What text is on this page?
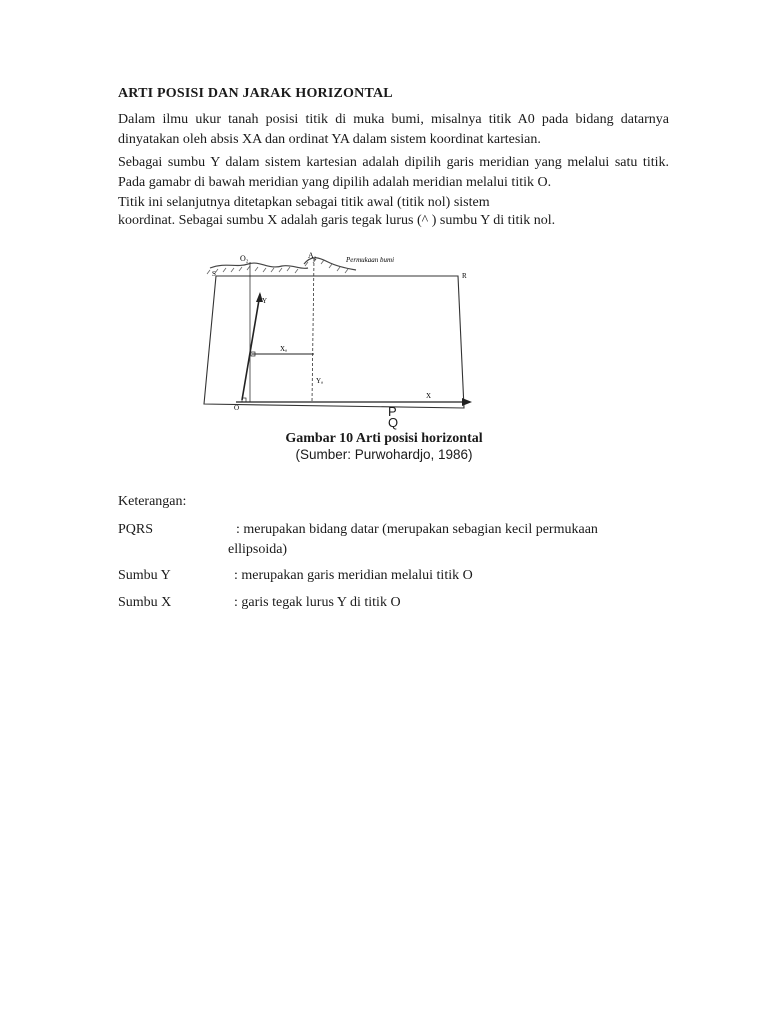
ARTI POSISI DAN JARAK HORIZONTAL
Dalam ilmu ukur tanah posisi titik di muka bumi, misalnya titik A0 pada bidang datarnya dinyatakan oleh absis XA dan ordinat YA dalam sistem koordinat kartesian.
Sebagai sumbu Y dalam sistem kartesian adalah dipilih garis meridian yang melalui satu titik. Pada gamabr di bawah meridian yang dipilih adalah meridian melalui titik O.
Titik ini selanjutnya ditetapkan sebagai titik awal (titik nol) sistem
koordinat. Sebagai sumbu X adalah garis tegak lurus (^ ) sumbu Y di titik nol.
O₂	A₂	Permukaan bumi
S	R
Y
Xₐ
Yₐ
X
O	P
Q
Gambar 10 Arti posisi horizontal
(Sumber: Purwohardjo, 1986)
Keterangan:
PQRS	: merupakan bidang datar (merupakan sebagian kecil permukaan
ellipsoida)
Sumbu Y	: merupakan garis meridian melalui titik O
Sumbu X	: garis tegak lurus Y di titik O
